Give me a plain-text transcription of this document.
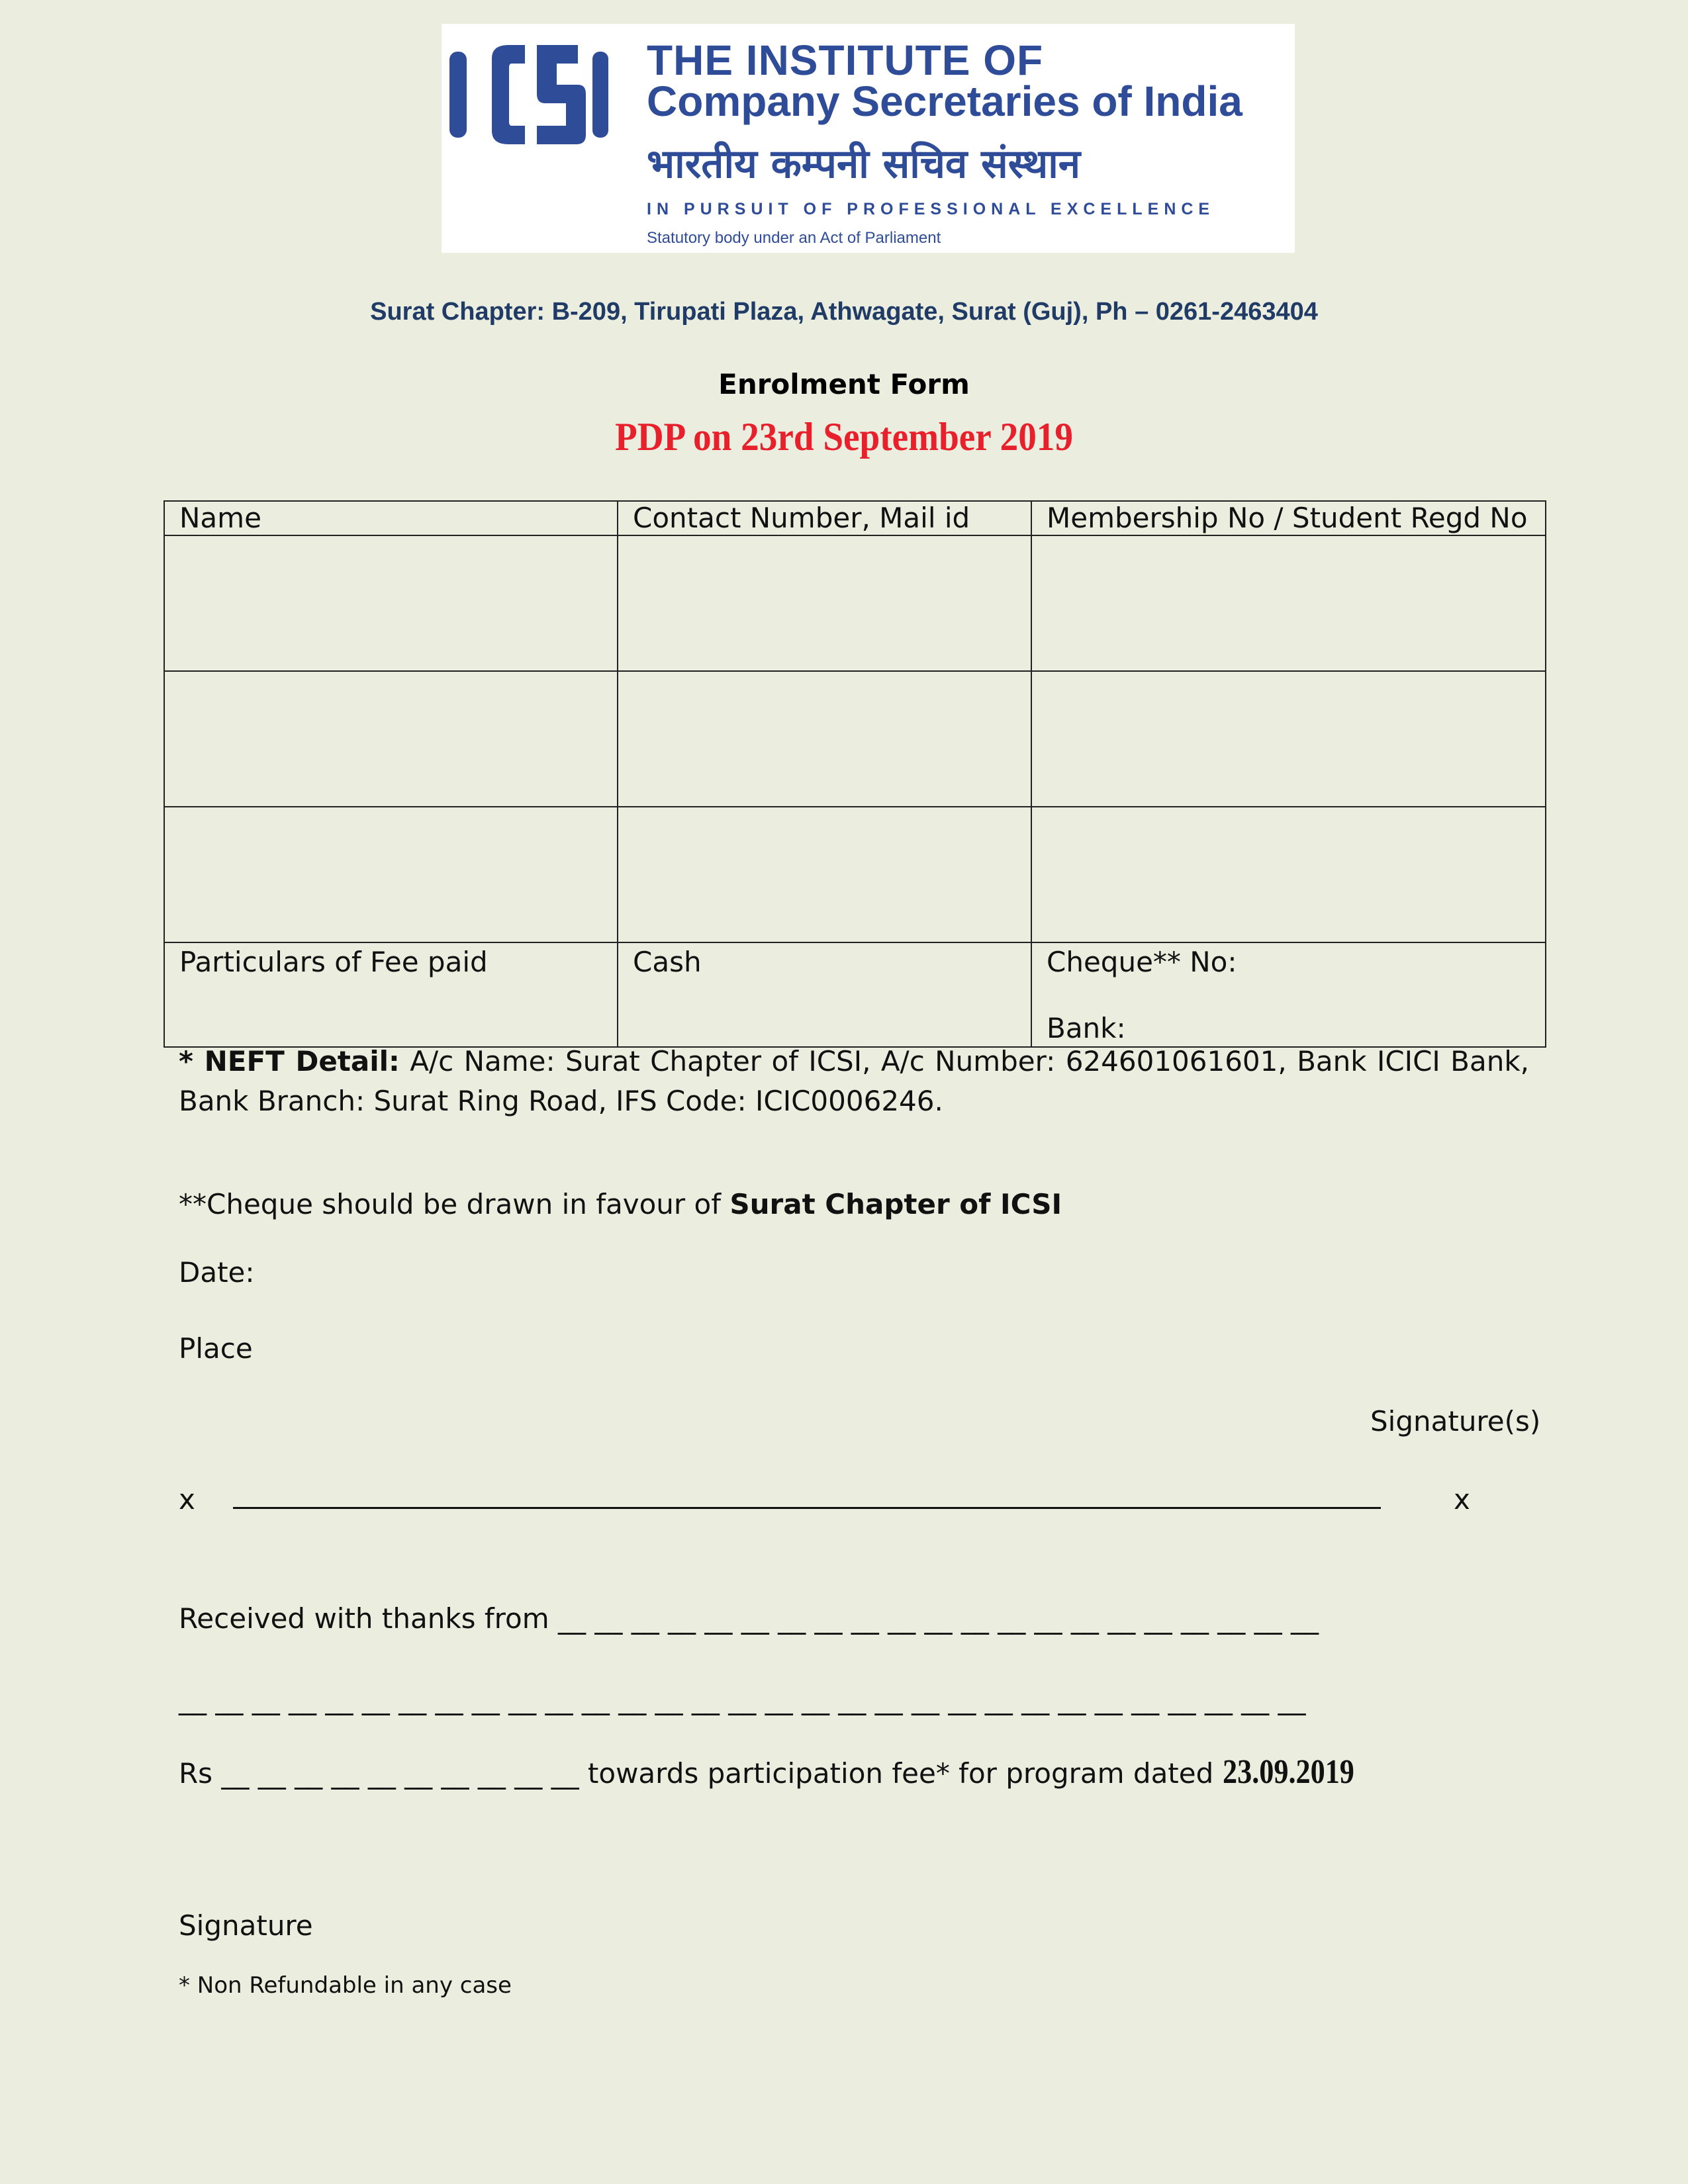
THE INSTITUTE OF
Company Secretaries of India
भारतीय कम्पनी सचिव संस्थान
IN PURSUIT OF PROFESSIONAL EXCELLENCE
Statutory body under an Act of Parliament
Surat Chapter: B-209, Tirupati Plaza, Athwagate, Surat (Guj), Ph – 0261-2463404
Enrolment Form
PDP on 23rd September 2019
Name	Contact Number, Mail id	Membership No / Student Regd No

Particulars of Fee paid	Cash	Cheque** No:
Bank:
* NEFT Detail: A/c Name: Surat Chapter of ICSI, A/c Number: 624601061601, Bank ICICI Bank, Bank Branch: Surat Ring Road, IFS Code: ICIC0006246.
**Cheque should be drawn in favour of Surat Chapter of ICSI
Date:
Place
Signature(s)
x	x
Received with thanks from __ __ __ __ __ __ __ __ __ __ __ __ __ __ __ __ __ __ __ __ __
__ __ __ __ __ __ __ __ __ __ __ __ __ __ __ __ __ __ __ __ __ __ __ __ __ __ __ __ __ __ __
Rs __ __ __ __ __ __ __ __ __ __ towards participation fee* for program dated 23.09.2019
Signature
* Non Refundable in any case
